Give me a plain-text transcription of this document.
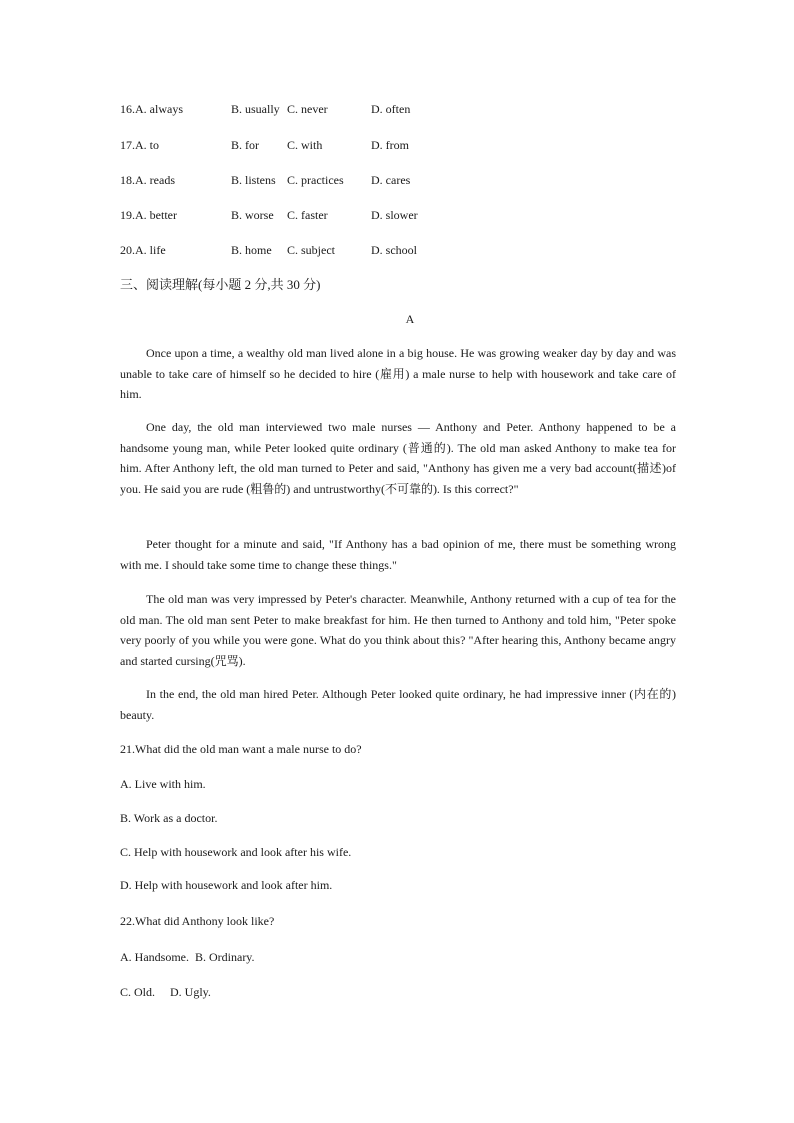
16.A. always	B. usually C. never	D. often
17.A. to	B. for C. with	D. from
18.A. reads	B. listens C. practices D. cares
19.A. better	B. worse C. faster	D. slower
20.A. life	B. home C. subject	D. school
三、阅读理解(每小题 2 分,共 30 分)
A

Once upon a time, a wealthy old man lived alone in a big house. He was growing weaker day by day and was unable to take care of himself so he decided to hire (雇用) a male nurse to help with housework and take care of him.

One day, the old man interviewed two male nurses — Anthony and Peter. Anthony happened to be a handsome young man, while Peter looked quite ordinary (普通的). The old man asked Anthony to make tea for him. After Anthony left, the old man turned to Peter and said, "Anthony has given me a very bad account(描述)of you. He said you are rude (粗鲁的) and untrustworthy(不可靠的). Is this correct?"

Peter thought for a minute and said, "If Anthony has a bad opinion of me, there must be something wrong with me. I should take some time to change these things."

The old man was very impressed by Peter's character. Meanwhile, Anthony returned with a cup of tea for the old man. The old man sent Peter to make breakfast for him. He then turned to Anthony and told him, "Peter spoke very poorly of you while you were gone. What do you think about this? "After hearing this, Anthony became angry and started cursing(咒骂).

In the end, the old man hired Peter. Although Peter looked quite ordinary, he had impressive inner (内在的) beauty.

21.What did the old man want a male nurse to do?
A. Live with him.
B. Work as a doctor.
C. Help with housework and look after his wife.
D. Help with housework and look after him.
22.What did Anthony look like?
A. Handsome.  B. Ordinary.
C. Old.     D. Ugly.
